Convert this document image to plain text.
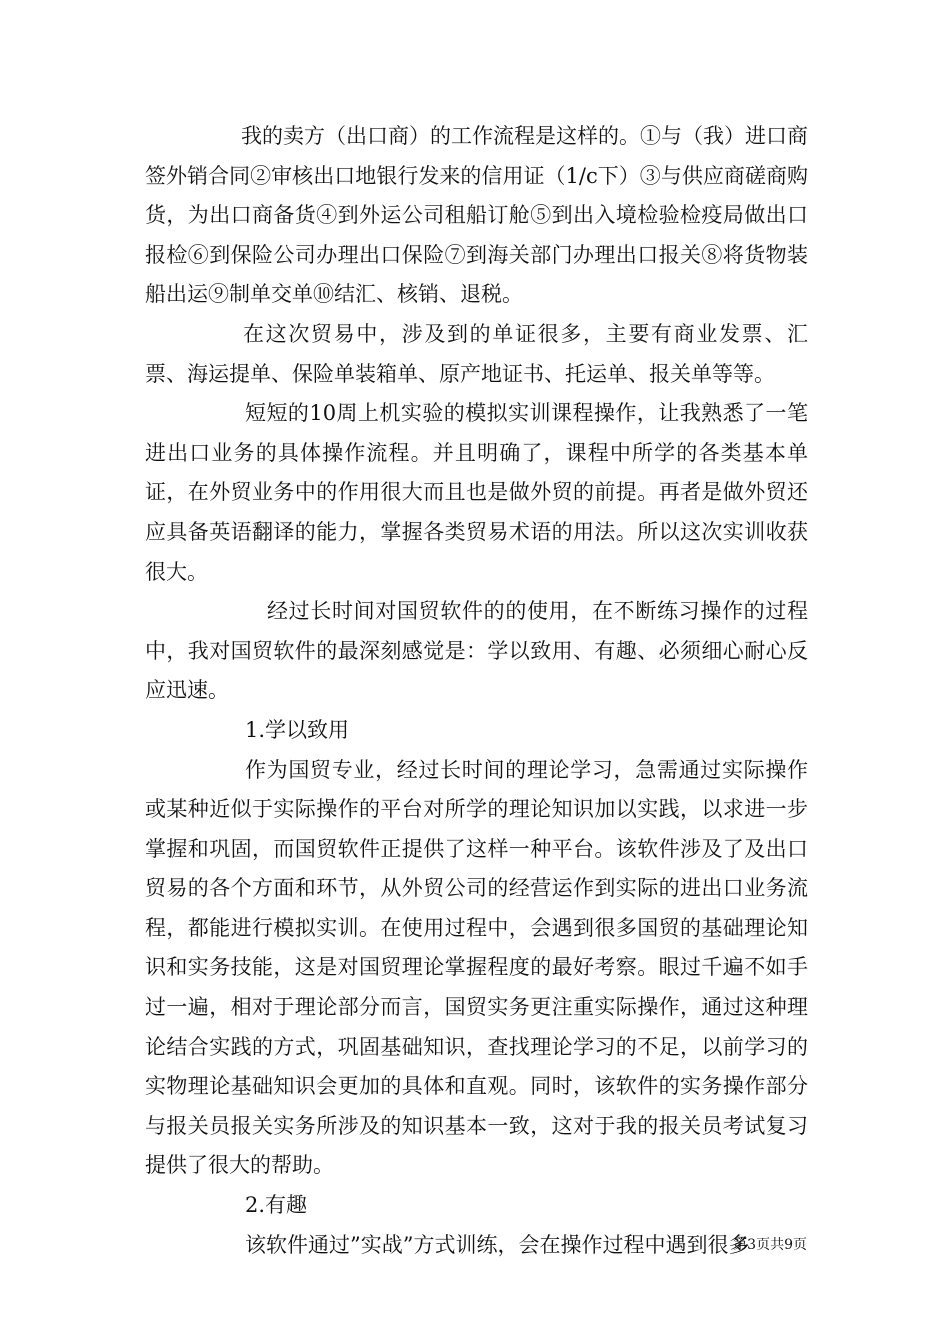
我的卖方（出口商）的工作流程是这样的。①与（我）进口商签外销合同②审核出口地银行发来的信用证（1/c下）③与供应商磋商购货，为出口商备货④到外运公司租船订舱⑤到出入境检验检疫局做出口报检⑥到保险公司办理出口保险⑦到海关部门办理出口报关⑧将货物装船出运⑨制单交单⑩结汇、核销、退税。

在这次贸易中，涉及到的单证很多，主要有商业发票、汇票、海运提单、保险单装箱单、原产地证书、托运单、报关单等等。

短短的10周上机实验的模拟实训课程操作，让我熟悉了一笔进出口业务的具体操作流程。并且明确了，课程中所学的各类基本单证，在外贸业务中的作用很大而且也是做外贸的前提。再者是做外贸还应具备英语翻译的能力，掌握各类贸易术语的用法。所以这次实训收获很大。

经过长时间对国贸软件的的使用，在不断练习操作的过程中，我对国贸软件的最深刻感觉是：学以致用、有趣、必须细心耐心反应迅速。

1.学以致用

作为国贸专业，经过长时间的理论学习，急需通过实际操作或某种近似于实际操作的平台对所学的理论知识加以实践，以求进一步掌握和巩固，而国贸软件正提供了这样一种平台。该软件涉及了及出口贸易的各个方面和环节，从外贸公司的经营运作到实际的进出口业务流程，都能进行模拟实训。在使用过程中，会遇到很多国贸的基础理论知识和实务技能，这是对国贸理论掌握程度的最好考察。眼过千遍不如手过一遍，相对于理论部分而言，国贸实务更注重实际操作，通过这种理论结合实践的方式，巩固基础知识，查找理论学习的不足，以前学习的实物理论基础知识会更加的具体和直观。同时，该软件的实务操作部分与报关员报关实务所涉及的知识基本一致，这对于我的报关员考试复习提供了很大的帮助。

2.有趣

该软件通过”实战”方式训练，会在操作过程中遇到很多

第3页共9页
